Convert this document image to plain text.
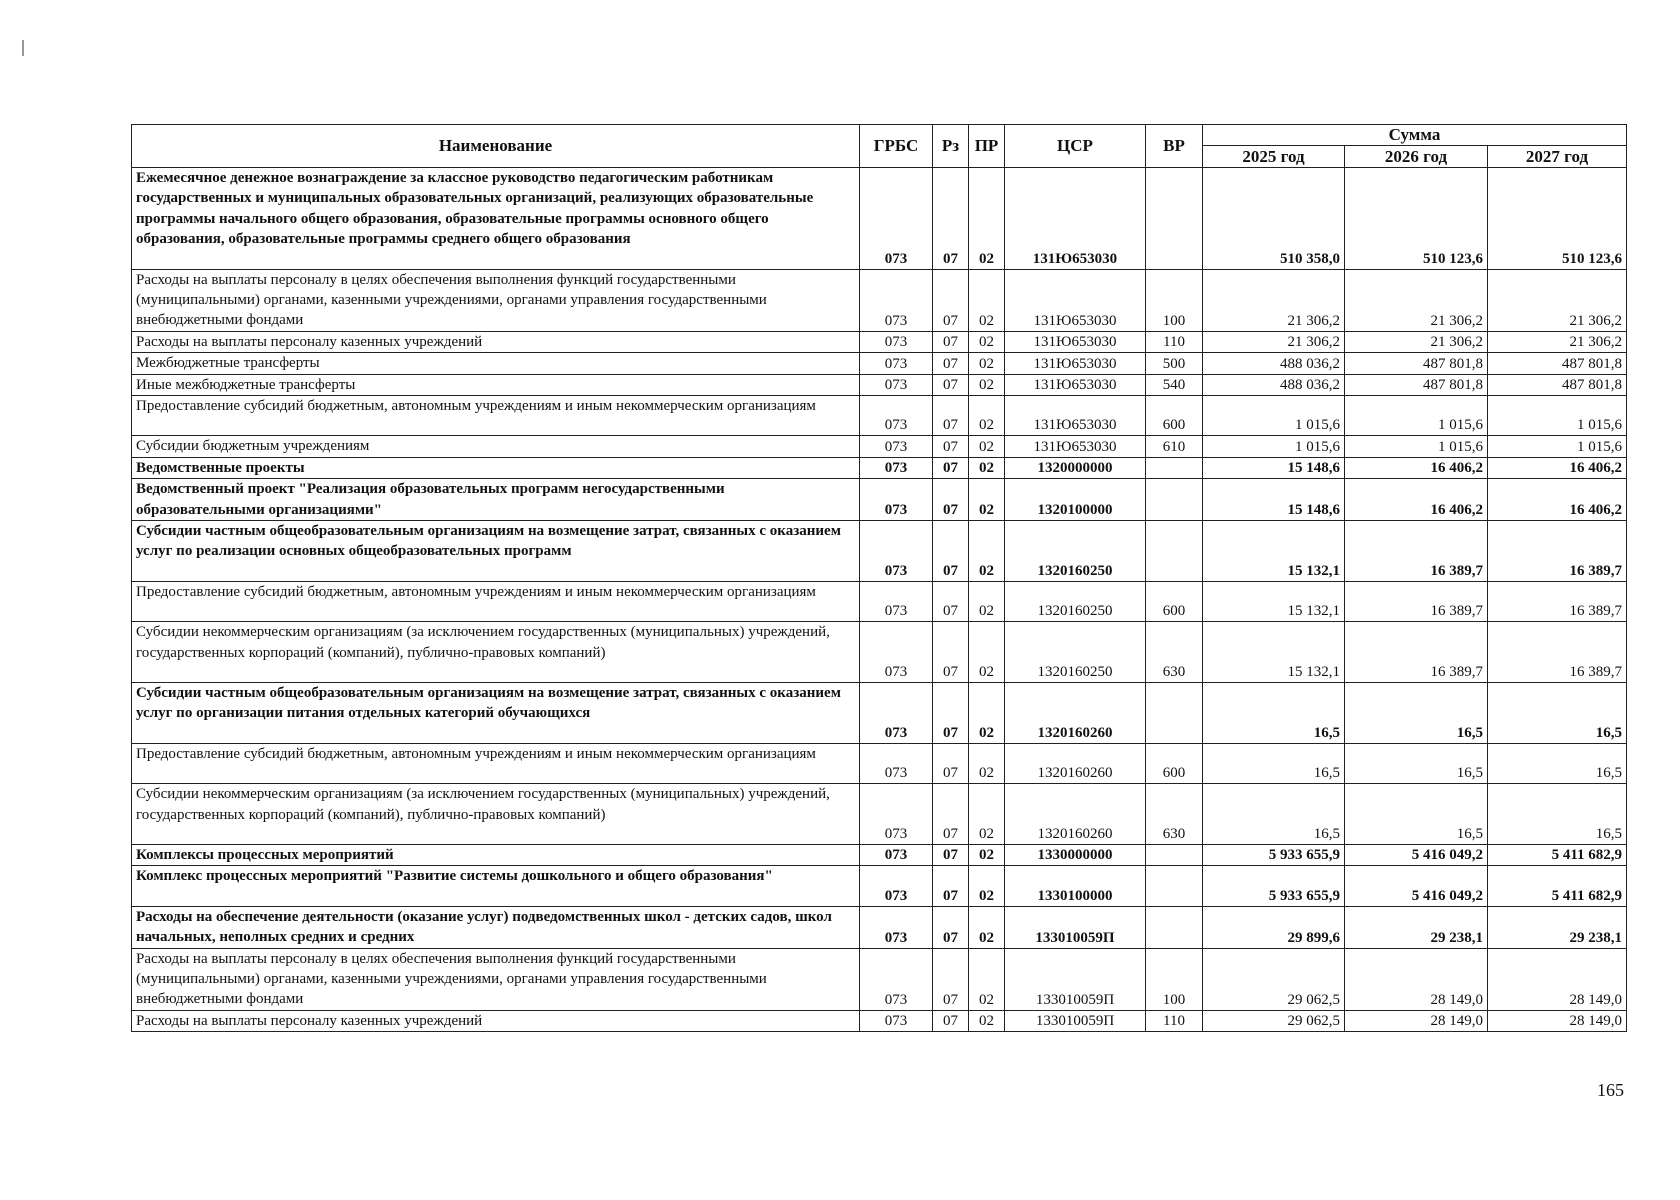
Наименование	ГРБС	Рз	ПР	ЦСР	ВР	Сумма		
						2025 год	2026 год	2027 год
Ежемесячное денежное вознаграждение за классное руководство педагогическим работникам государственных и муниципальных образовательных организаций, реализующих образовательные программы начального общего образования, образовательные программы основного общего образования, образовательные программы среднего общего образования	073	07	02	131Ю653030		510 358,0	510 123,6	510 123,6
Расходы на выплаты персоналу в целях обеспечения выполнения функций государственными (муниципальными) органами, казенными учреждениями, органами управления государственными внебюджетными фондами	073	07	02	131Ю653030	100	21 306,2	21 306,2	21 306,2
Расходы на выплаты персоналу казенных учреждений	073	07	02	131Ю653030	110	21 306,2	21 306,2	21 306,2
Межбюджетные трансферты	073	07	02	131Ю653030	500	488 036,2	487 801,8	487 801,8
Иные межбюджетные трансферты	073	07	02	131Ю653030	540	488 036,2	487 801,8	487 801,8
Предоставление субсидий бюджетным, автономным учреждениям и иным некоммерческим организациям	073	07	02	131Ю653030	600	1 015,6	1 015,6	1 015,6
Субсидии бюджетным учреждениям	073	07	02	131Ю653030	610	1 015,6	1 015,6	1 015,6
Ведомственные проекты	073	07	02	1320000000		15 148,6	16 406,2	16 406,2
Ведомственный проект "Реализация образовательных программ негосударственными образовательными организациями"	073	07	02	1320100000		15 148,6	16 406,2	16 406,2
Субсидии частным общеобразовательным организациям на возмещение затрат, связанных с оказанием услуг по реализации основных общеобразовательных программ	073	07	02	1320160250		15 132,1	16 389,7	16 389,7
Предоставление субсидий бюджетным, автономным учреждениям и иным некоммерческим организациям	073	07	02	1320160250	600	15 132,1	16 389,7	16 389,7
Субсидии некоммерческим организациям (за исключением государственных (муниципальных) учреждений, государственных корпораций (компаний), публично-правовых компаний)	073	07	02	1320160250	630	15 132,1	16 389,7	16 389,7
Субсидии частным общеобразовательным организациям на возмещение затрат, связанных с оказанием услуг по организации питания отдельных категорий обучающихся	073	07	02	1320160260		16,5	16,5	16,5
Предоставление субсидий бюджетным, автономным учреждениям и иным некоммерческим организациям	073	07	02	1320160260	600	16,5	16,5	16,5
Субсидии некоммерческим организациям (за исключением государственных (муниципальных) учреждений, государственных корпораций (компаний), публично-правовых компаний)	073	07	02	1320160260	630	16,5	16,5	16,5
Комплексы процессных мероприятий	073	07	02	1330000000		5 933 655,9	5 416 049,2	5 411 682,9
Комплекс процессных мероприятий "Развитие системы дошкольного и общего образования"	073	07	02	1330100000		5 933 655,9	5 416 049,2	5 411 682,9
Расходы на обеспечение деятельности (оказание услуг) подведомственных школ - детских садов, школ начальных, неполных средних и средних	073	07	02	133010059П		29 899,6	29 238,1	29 238,1
Расходы на выплаты персоналу в целях обеспечения выполнения функций государственными (муниципальными) органами, казенными учреждениями, органами управления государственными внебюджетными фондами	073	07	02	133010059П	100	29 062,5	28 149,0	28 149,0
Расходы на выплаты персоналу казенных учреждений	073	07	02	133010059П	110	29 062,5	28 149,0	28 149,0
165
